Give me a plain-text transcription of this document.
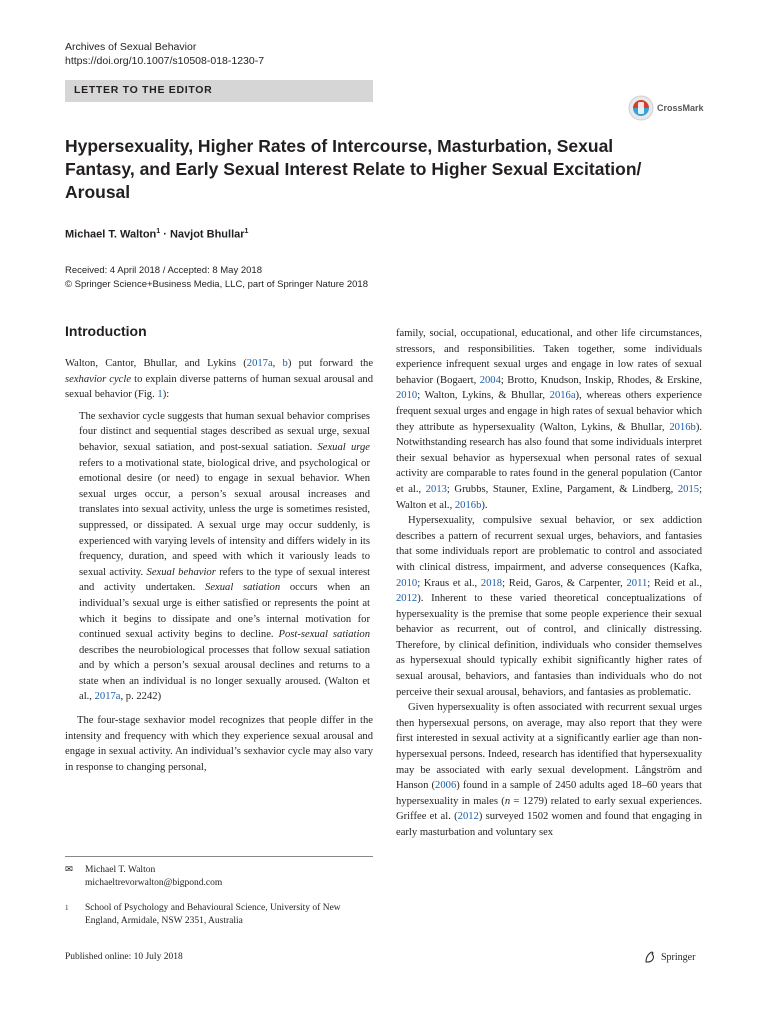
Archives of Sexual Behavior
https://doi.org/10.1007/s10508-018-1230-7
LETTER TO THE EDITOR
CrossMark
Hypersexuality, Higher Rates of Intercourse, Masturbation, Sexual Fantasy, and Early Sexual Interest Relate to Higher Sexual Excitation/ Arousal
Michael T. Walton$^1$ · Navjot Bhullar$^1$
Received: 4 April 2018 / Accepted: 8 May 2018
© Springer Science+Business Media, LLC, part of Springer Nature 2018
Introduction

Walton, Cantor, Bhullar, and Lykins (2017a, b) put forward the sexhavior cycle to explain diverse patterns of human sexual arousal and sexual behavior (Fig. 1):

The sexhavior cycle suggests that human sexual behavior comprises four distinct and sequential stages described as sexual urge, sexual behavior, sexual satiation, and post-sexual satiation. Sexual urge refers to a motivational state, biological drive, and psychological or emotional desire (or need) to engage in sexual behavior. When sexual urges occur, a person’s sexual arousal increases and translates into sexual activity, unless the urge is sometimes resisted, suppressed, or dissipated. A sexual urge may occur suddenly, is experienced with varying levels of intensity and differs widely in its frequency, duration, and speed with which it variously leads to sexual activity. Sexual behavior refers to the type of sexual interest and activity undertaken. Sexual satiation occurs when an individual’s sexual urge is either satisfied or represents the point at which it begins to dissipate and one’s internal motivation for continued sexual activity begins to decline. Post-sexual satiation describes the neurobiological processes that follow sexual satiation and by which a person’s sexual arousal declines and returns to a state when an individual is no longer sexually aroused. (Walton et al., 2017a, p. 2242)

The four-stage sexhavior model recognizes that people differ in the intensity and frequency with which they experience sexual arousal and engage in sexual activity. An individual’s sexhavior cycle may also vary in response to changing personal,

family, social, occupational, educational, and other life circumstances, stressors, and responsibilities. Taken together, some individuals experience infrequent sexual urges and engage in low rates of sexual behavior (Bogaert, 2004; Brotto, Knudson, Inskip, Rhodes, & Erskine, 2010; Walton, Lykins, & Bhullar, 2016a), whereas others experience frequent sexual urges and engage in high rates of sexual behavior which they attribute as hypersexuality (Walton, Lykins, & Bhullar, 2016b). Notwithstanding research has also found that some individuals interpret their sexual behavior as hypersexual when personal rates of sexual activity are comparable to rates found in the general population (Cantor et al., 2013; Grubbs, Stauner, Exline, Pargament, & Lindberg, 2015; Walton et al., 2016b).

Hypersexuality, compulsive sexual behavior, or sex addiction describes a pattern of recurrent sexual urges, behaviors, and fantasies that some individuals report are problematic to control and associated with clinical distress, impairment, and adverse consequences (Kafka, 2010; Kraus et al., 2018; Reid, Garos, & Carpenter, 2011; Reid et al., 2012). Inherent to these varied theoretical conceptualizations of hypersexuality is the premise that some people experience their sexual behavior as recurrent, out of control, and clinically distressing. Therefore, by clinical definition, individuals who consider themselves as hypersexual should typically exhibit significantly higher rates of sexual arousal, behaviors, and fantasies than individuals who do not perceive their sexual arousal, behaviors, and fantasies as problematic.

Given hypersexuality is often associated with recurrent sexual urges then hypersexual persons, on average, may also report that they were first interested in sexual activity at a significantly earlier age than non-hypersexual persons. Indeed, research has identified that hypersexuality may be associated with early sexual development. Långström and Hanson (2006) found in a sample of 2450 adults aged 18–60 years that hypersexuality in males (n = 1279) related to early sexual experiences. Griffee et al. (2012) surveyed 1502 women and found that engaging in early masturbation and voluntary sex

✉ Michael T. Walton
michaeltrevorwalton@bigpond.com
1 School of Psychology and Behavioural Science, University of New England, Armidale, NSW 2351, Australia
Published online: 10 July 2018	Springer
